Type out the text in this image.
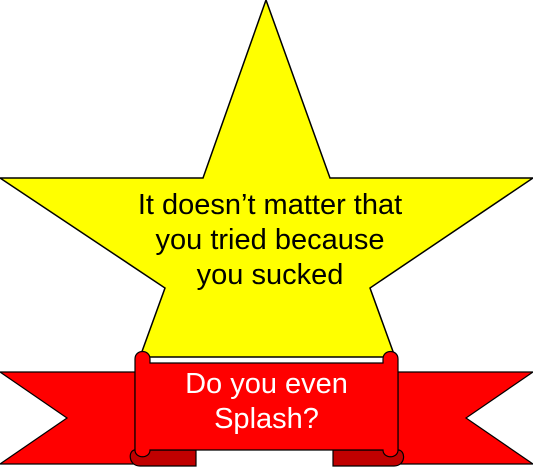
It doesn’t matter that
you tried because
you sucked
Do you even
Splash?
